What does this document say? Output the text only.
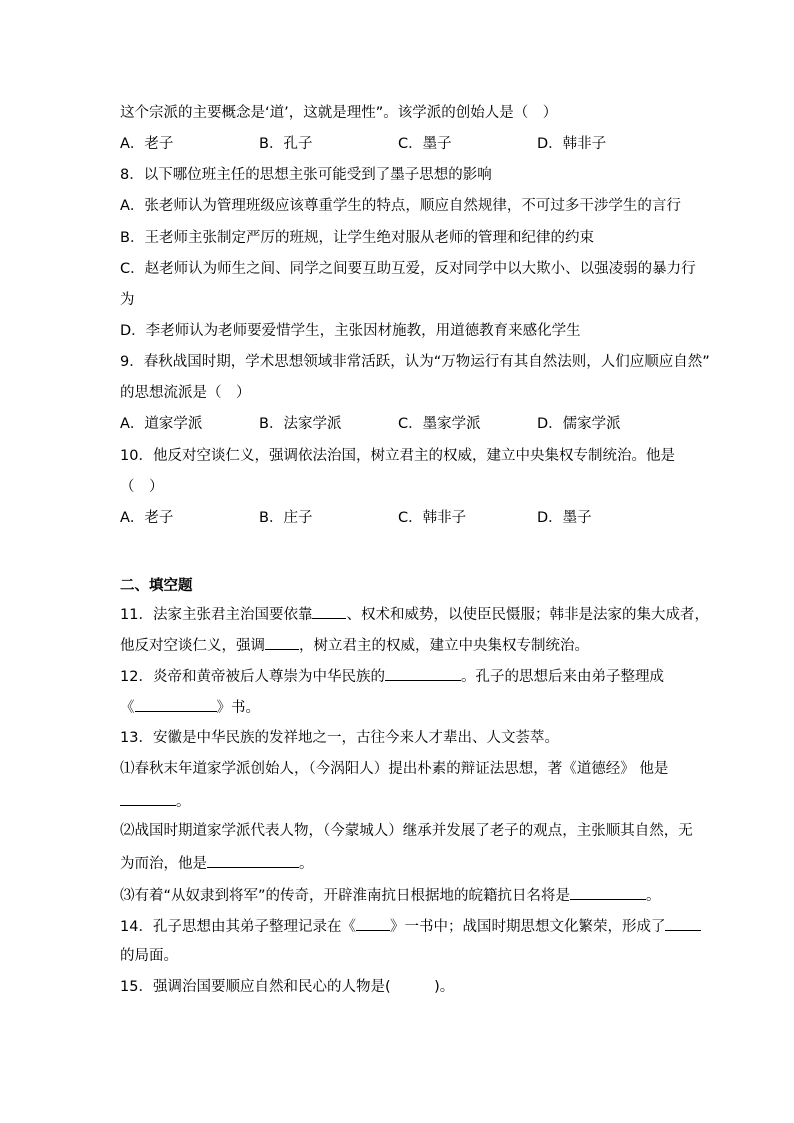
这个宗派的主要概念是‘道’，这就是理性”。该学派的创始人是（　）
A．老子	B．孔子	C．墨子	D．韩非子
8．以下哪位班主任的思想主张可能受到了墨子思想的影响
A．张老师认为管理班级应该尊重学生的特点，顺应自然规律，不可过多干涉学生的言行
B．王老师主张制定严厉的班规，让学生绝对服从老师的管理和纪律的约束
C．赵老师认为师生之间、同学之间要互助互爱，反对同学中以大欺小、以强凌弱的暴力行
为
D．李老师认为老师要爱惜学生，主张因材施教，用道德教育来感化学生
9．春秋战国时期，学术思想领域非常活跃，认为“万物运行有其自然法则，人们应顺应自然”
的思想流派是（　）
A．道家学派	B．法家学派	C．墨家学派	D．儒家学派
10．他反对空谈仁义，强调依法治国，树立君主的权威，建立中央集权专制统治。他是
（　）
A．老子	B．庄子	C．韩非子	D．墨子
二、填空题
11．法家主张君主治国要依靠 、权术和威势，以使臣民慑服；韩非是法家的集大成者，
他反对空谈仁义，强调 ，树立君主的权威，建立中央集权专制统治。
12．炎帝和黄帝被后人尊崇为中华民族的	。孔子的思想后来由弟子整理成
《	》书。
13．安徽是中华民族的发祥地之一，古往今来人才辈出、人文荟萃。
⑴春秋末年道家学派创始人，（今涡阳人）提出朴素的辩证法思想，著《道德经》 他是
。
⑵战国时期道家学派代表人物，（今蒙城人）继承并发展了老子的观点，主张顺其自然，无
为而治，他是	。
⑶有着“从奴隶到将军”的传奇，开辟淮南抗日根据地的皖籍抗日名将是	。
14．孔子思想由其弟子整理记录在《 》一书中；战国时期思想文化繁荣，形成了
的局面。
15．强调治国要顺应自然和民心的人物是(　　　)。
